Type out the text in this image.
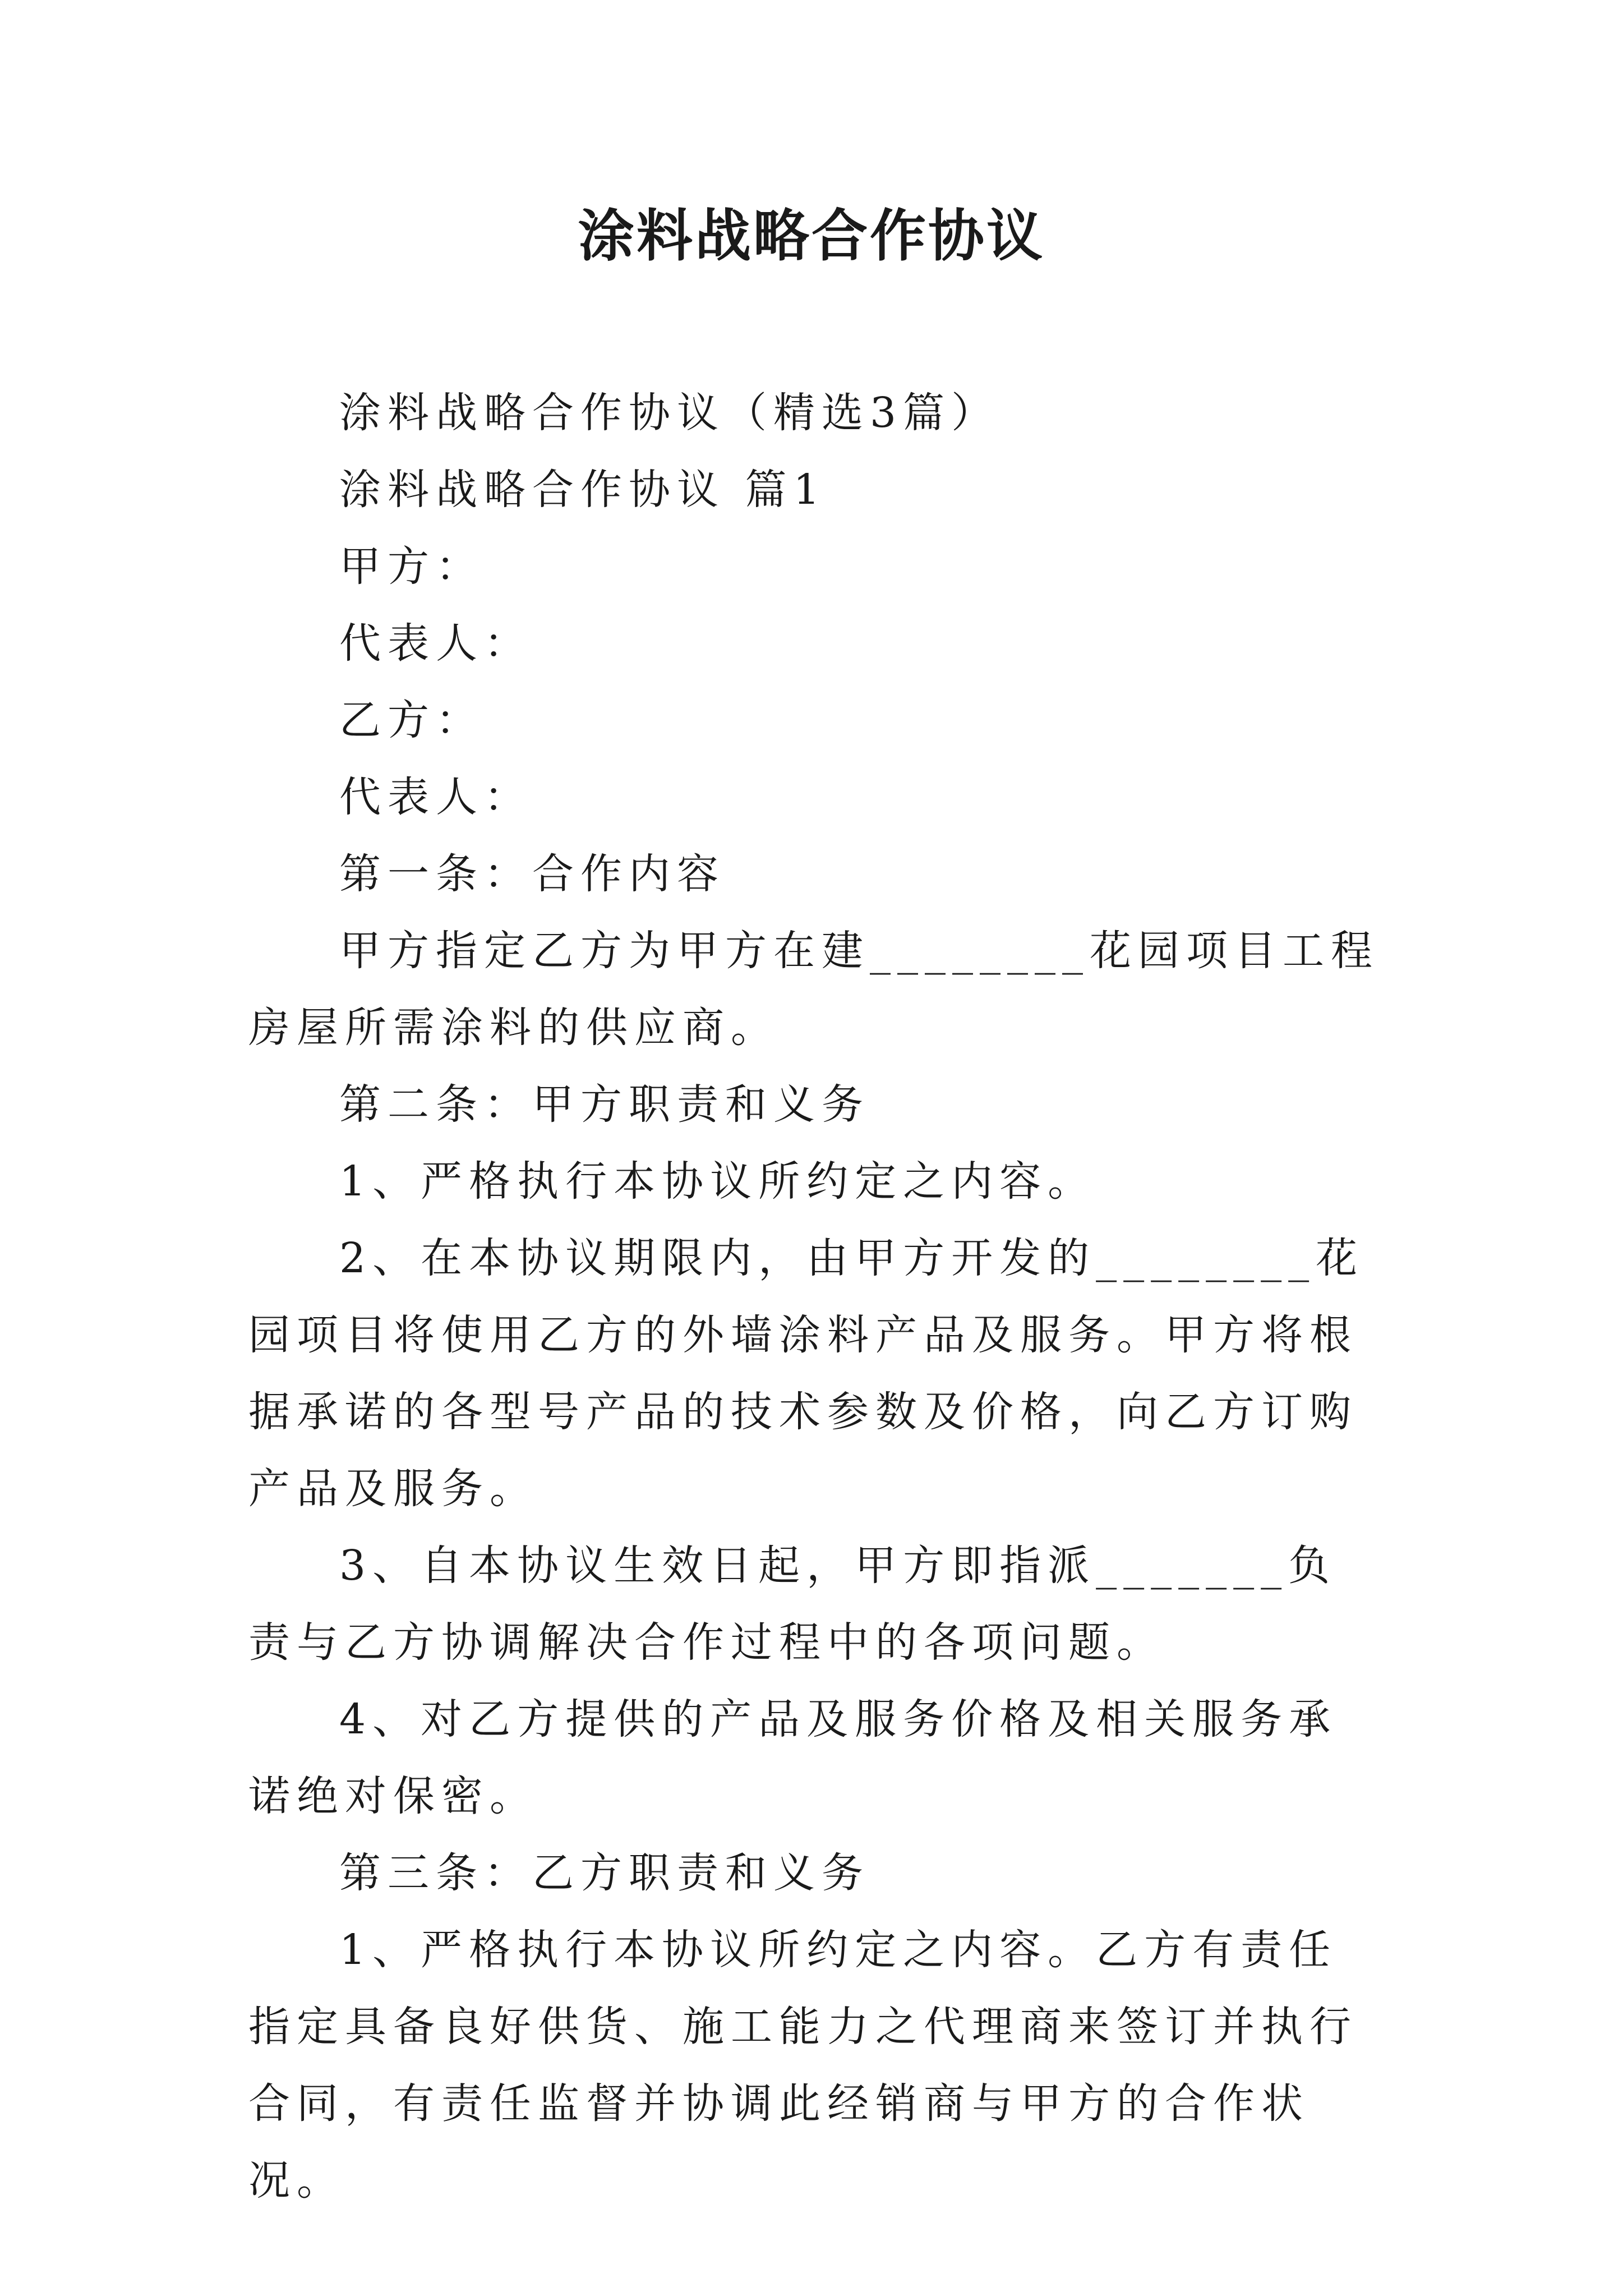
涂料战略合作协议

涂料战略合作协议（精选3篇）

涂料战略合作协议 篇1

甲方：

代表人：

乙方：

代表人：

第一条：合作内容

甲方指定乙方为甲方在建________花园项目工程房屋所需涂料的供应商。

第二条：甲方职责和义务

1、严格执行本协议所约定之内容。

2、在本协议期限内，由甲方开发的________花园项目将使用乙方的外墙涂料产品及服务。甲方将根据承诺的各型号产品的技术参数及价格，向乙方订购产品及服务。

3、自本协议生效日起，甲方即指派_______负责与乙方协调解决合作过程中的各项问题。

4、对乙方提供的产品及服务价格及相关服务承诺绝对保密。

第三条：乙方职责和义务

1、严格执行本协议所约定之内容。乙方有责任指定具备良好供货、施工能力之代理商来签订并执行合同，有责任监督并协调此经销商与甲方的合作状况。
